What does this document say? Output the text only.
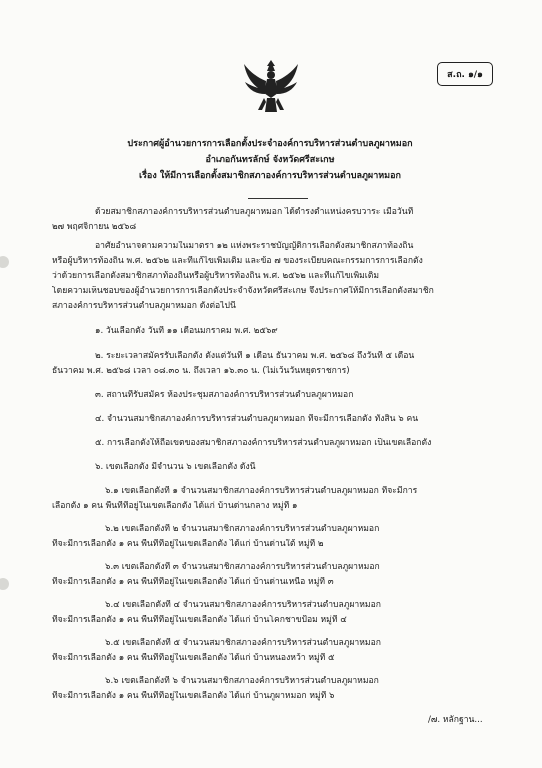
ส.ถ. ๑/๑
ประกาศผู้อำนวยการการเลือกตั้งประจำองค์การบริหารส่วนตำบลภูผาหมอก
อำเภอกันทรลักษ์ จังหวัดศรีสะเกษ
เรื่อง ให้มีการเลือกตั้งสมาชิกสภาองค์การบริหารส่วนตำบลภูผาหมอก
ด้วยสมาชิกสภาองค์การบริหารส่วนตำบลภูผาหมอก ได้ดำรงตำแหน่งครบวาระ เมื่อวันที่
๒๗ พฤศจิกายน ๒๕๖๘
อาศัยอำนาจตามความในมาตรา ๑๒ แห่งพระราชบัญญัติการเลือกตั้งสมาชิกสภาท้องถิ่น
หรือผู้บริหารท้องถิ่น พ.ศ. ๒๕๖๒ และที่แก้ไขเพิ่มเติม และข้อ ๗ ของระเบียบคณะกรรมการการเลือกตั้ง
ว่าด้วยการเลือกตั้งสมาชิกสภาท้องถิ่นหรือผู้บริหารท้องถิ่น พ.ศ. ๒๕๖๒ และที่แก้ไขเพิ่มเติม
โดยความเห็นชอบของผู้อำนวยการการเลือกตั้งประจำจังหวัดศรีสะเกษ จึงประกาศให้มีการเลือกตั้งสมาชิก
สภาองค์การบริหารส่วนตำบลภูผาหมอก ดังต่อไปนี้
๑. วันเลือกตั้ง วันที่ ๑๑ เดือนมกราคม พ.ศ. ๒๕๖๙
๒. ระยะเวลาสมัครรับเลือกตั้ง ตั้งแต่วันที่ ๑ เดือน ธันวาคม พ.ศ. ๒๕๖๘ ถึงวันที่ ๕ เดือน
ธันวาคม พ.ศ. ๒๕๖๘ เวลา ๐๘.๓๐ น. ถึงเวลา ๑๖.๓๐ น. (ไม่เว้นวันหยุดราชการ)
๓. สถานที่รับสมัคร ห้องประชุมสภาองค์การบริหารส่วนตำบลภูผาหมอก
๔. จำนวนสมาชิกสภาองค์การบริหารส่วนตำบลภูผาหมอก ที่จะมีการเลือกตั้ง ทั้งสิ้น ๖ คน
๕. การเลือกตั้งให้ถือเขตของสมาชิกสภาองค์การบริหารส่วนตำบลภูผาหมอก เป็นเขตเลือกตั้ง
๖. เขตเลือกตั้ง มีจำนวน ๖ เขตเลือกตั้ง ดังนี้
๖.๑ เขตเลือกตั้งที่ ๑ จำนวนสมาชิกสภาองค์การบริหารส่วนตำบลภูผาหมอก ที่จะมีการ
เลือกตั้ง ๑ คน พื้นที่ที่อยู่ในเขตเลือกตั้ง ได้แก่ บ้านด่านกลาง หมู่ที่ ๑
๖.๒ เขตเลือกตั้งที่ ๒ จำนวนสมาชิกสภาองค์การบริหารส่วนตำบลภูผาหมอก
ที่จะมีการเลือกตั้ง ๑ คน พื้นที่ที่อยู่ในเขตเลือกตั้ง ได้แก่ บ้านด่านใต้ หมู่ที่ ๒
๖.๓ เขตเลือกตั้งที่ ๓ จำนวนสมาชิกสภาองค์การบริหารส่วนตำบลภูผาหมอก
ที่จะมีการเลือกตั้ง ๑ คน พื้นที่ที่อยู่ในเขตเลือกตั้ง ได้แก่ บ้านด่านเหนือ หมู่ที่ ๓
๖.๔ เขตเลือกตั้งที่ ๔ จำนวนสมาชิกสภาองค์การบริหารส่วนตำบลภูผาหมอก
ที่จะมีการเลือกตั้ง ๑ คน พื้นที่ที่อยู่ในเขตเลือกตั้ง ได้แก่ บ้านโคกชาขป้อม หมู่ที่ ๔
๖.๕ เขตเลือกตั้งที่ ๕ จำนวนสมาชิกสภาองค์การบริหารส่วนตำบลภูผาหมอก
ที่จะมีการเลือกตั้ง ๑ คน พื้นที่ที่อยู่ในเขตเลือกตั้ง ได้แก่ บ้านหนองหว้า หมู่ที่ ๕
๖.๖ เขตเลือกตั้งที่ ๖ จำนวนสมาชิกสภาองค์การบริหารส่วนตำบลภูผาหมอก
ที่จะมีการเลือกตั้ง ๑ คน พื้นที่ที่อยู่ในเขตเลือกตั้ง ได้แก่ บ้านภูผาหมอก หมู่ที่ ๖
/๗. หลักฐาน...
